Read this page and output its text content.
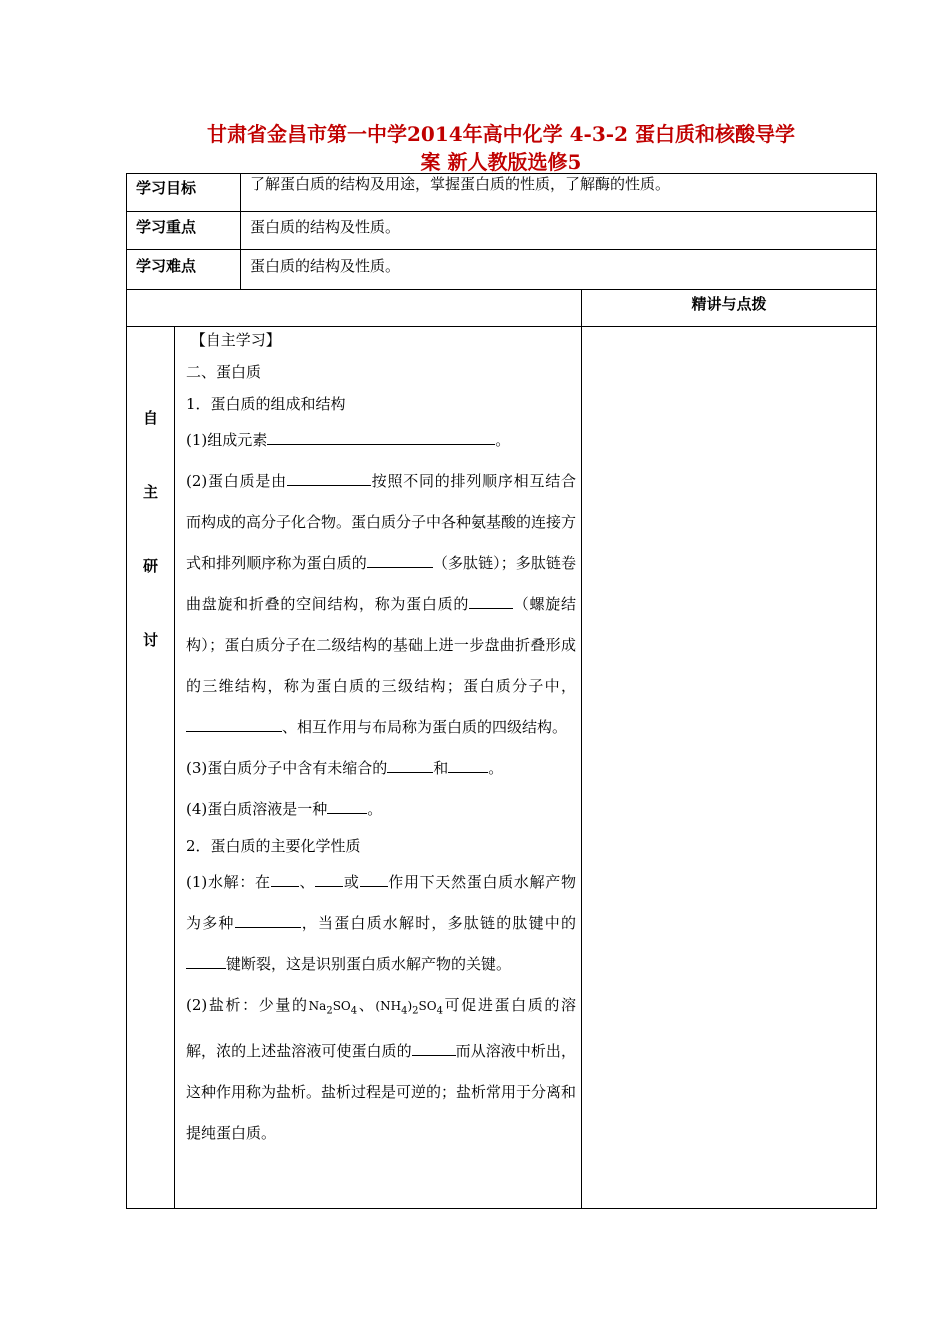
甘肃省金昌市第一中学2014年高中化学 4-3-2 蛋白质和核酸导学
案 新人教版选修5
学习目标	了解蛋白质的结构及用途，掌握蛋白质的性质，了解酶的性质。
学习重点	蛋白质的结构及性质。
学习难点	蛋白质的结构及性质。
精讲与点拨
自
主
研
讨

【自主学习】

二、蛋白质

1．蛋白质的组成和结构

(1)组成元素	。

(2)蛋白质是由	按照不同的排列顺序相互结合而构成的高分子化合物。蛋白质分子中各种氨基酸的连接方式和排列顺序称为蛋白质的	（多肽链）；多肽链卷曲盘旋和折叠的空间结构，称为蛋白质的	（螺旋结构）；蛋白质分子在二级结构的基础上进一步盘曲折叠形成的三维结构，称为蛋白质的三级结构；蛋白质分子中，、相互作用与布局称为蛋白质的四级结构。

(3)蛋白质分子中含有未缩合的	和	。

(4)蛋白质溶液是一种	。

2．蛋白质的主要化学性质

(1)水解：在 、 或 作用下天然蛋白质水解产物为多种	，当蛋白质水解时，多肽链的肽键中的键断裂，这是识别蛋白质水解产物的关键。

(2)盐析：少量的$Na_2SO_4$、$(NH_4)_2SO_4$可促进蛋白质的溶解，浓的上述盐溶液可使蛋白质的	而从溶液中析出，这种作用称为盐析。盐析过程是可逆的；盐析常用于分离和提纯蛋白质。
